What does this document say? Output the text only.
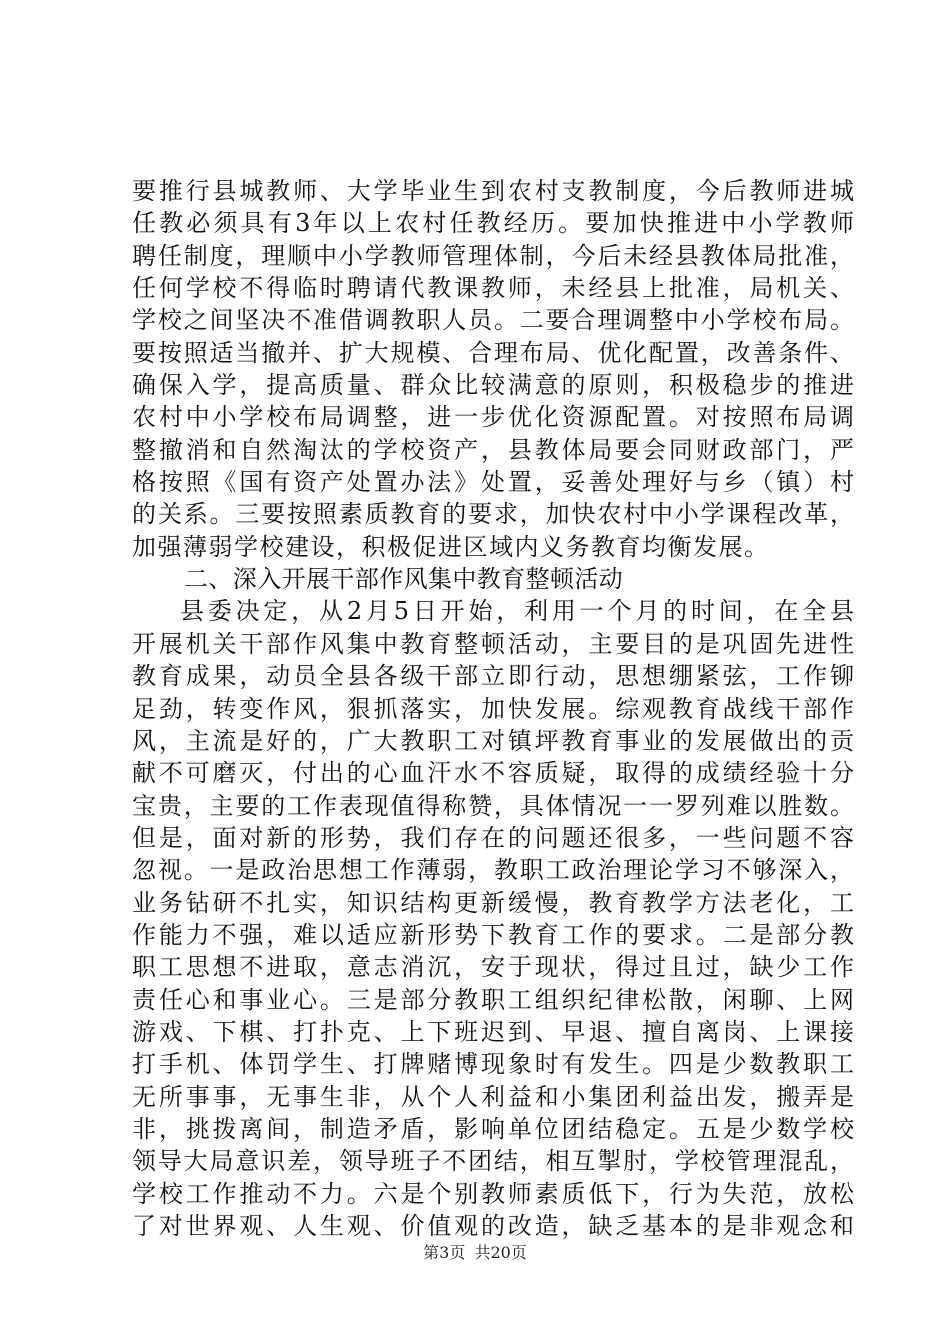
要推行县城教师、大学毕业生到农村支教制度，今后教师进城
任教必须具有3年以上农村任教经历。要加快推进中小学教师
聘任制度，理顺中小学教师管理体制，今后未经县教体局批准，
任何学校不得临时聘请代教课教师，未经县上批准，局机关、
学校之间坚决不准借调教职人员。二要合理调整中小学校布局。
要按照适当撤并、扩大规模、合理布局、优化配置，改善条件、
确保入学，提高质量、群众比较满意的原则，积极稳步的推进
农村中小学校布局调整，进一步优化资源配置。对按照布局调
整撤消和自然淘汰的学校资产，县教体局要会同财政部门，严
格按照《国有资产处置办法》处置，妥善处理好与乡（镇）村
的关系。三要按照素质教育的要求，加快农村中小学课程改革，
加强薄弱学校建设，积极促进区域内义务教育均衡发展。
二、深入开展干部作风集中教育整顿活动
县委决定，从2月5日开始，利用一个月的时间，在全县
开展机关干部作风集中教育整顿活动，主要目的是巩固先进性
教育成果，动员全县各级干部立即行动，思想绷紧弦，工作铆
足劲，转变作风，狠抓落实，加快发展。综观教育战线干部作
风，主流是好的，广大教职工对镇坪教育事业的发展做出的贡
献不可磨灭，付出的心血汗水不容质疑，取得的成绩经验十分
宝贵，主要的工作表现值得称赞，具体情况一一罗列难以胜数。
但是，面对新的形势，我们存在的问题还很多，一些问题不容
忽视。一是政治思想工作薄弱，教职工政治理论学习不够深入，
业务钻研不扎实，知识结构更新缓慢，教育教学方法老化，工
作能力不强，难以适应新形势下教育工作的要求。二是部分教
职工思想不进取，意志消沉，安于现状，得过且过，缺少工作
责任心和事业心。三是部分教职工组织纪律松散，闲聊、上网
游戏、下棋、打扑克、上下班迟到、早退、擅自离岗、上课接
打手机、体罚学生、打牌赌博现象时有发生。四是少数教职工
无所事事，无事生非，从个人利益和小集团利益出发，搬弄是
非，挑拨离间，制造矛盾，影响单位团结稳定。五是少数学校
领导大局意识差，领导班子不团结，相互掣肘，学校管理混乱，
学校工作推动不力。六是个别教师素质低下，行为失范，放松
了对世界观、人生观、价值观的改造，缺乏基本的是非观念和
第3页 共20页
